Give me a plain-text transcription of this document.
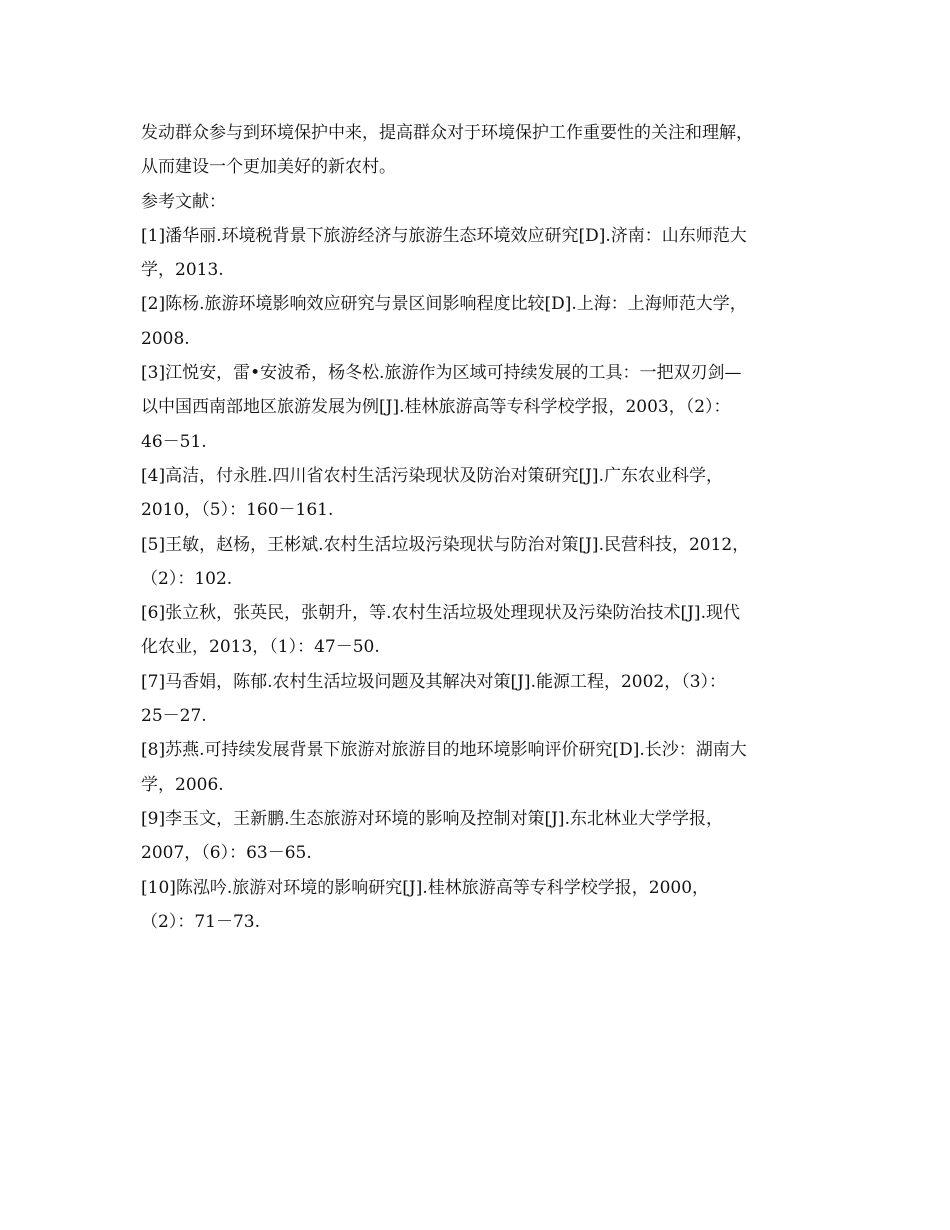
发动群众参与到环境保护中来，提高群众对于环境保护工作重要性的关注和理解，
从而建设一个更加美好的新农村。
参考文献：
[1]潘华丽.环境税背景下旅游经济与旅游生态环境效应研究[D].济南：山东师范大
学，2013.
[2]陈杨.旅游环境影响效应研究与景区间影响程度比较[D].上海：上海师范大学，
2008.
[3]江悦安，雷•安波希，杨冬松.旅游作为区域可持续发展的工具：一把双刃剑—
以中国西南部地区旅游发展为例[J].桂林旅游高等专科学校学报，2003，（2）：
46－51.
[4]高洁，付永胜.四川省农村生活污染现状及防治对策研究[J].广东农业科学，
2010，（5）：160－161.
[5]王敏，赵杨，王彬斌.农村生活垃圾污染现状与防治对策[J].民营科技，2012，
（2）：102.
[6]张立秋，张英民，张朝升，等.农村生活垃圾处理现状及污染防治技术[J].现代
化农业，2013，（1）：47－50.
[7]马香娟，陈郁.农村生活垃圾问题及其解决对策[J].能源工程，2002，（3）：
25－27.
[8]苏燕.可持续发展背景下旅游对旅游目的地环境影响评价研究[D].长沙：湖南大
学，2006.
[9]李玉文，王新鹏.生态旅游对环境的影响及控制对策[J].东北林业大学学报，
2007，（6）：63－65.
[10]陈泓吟.旅游对环境的影响研究[J].桂林旅游高等专科学校学报，2000，
（2）：71－73.
